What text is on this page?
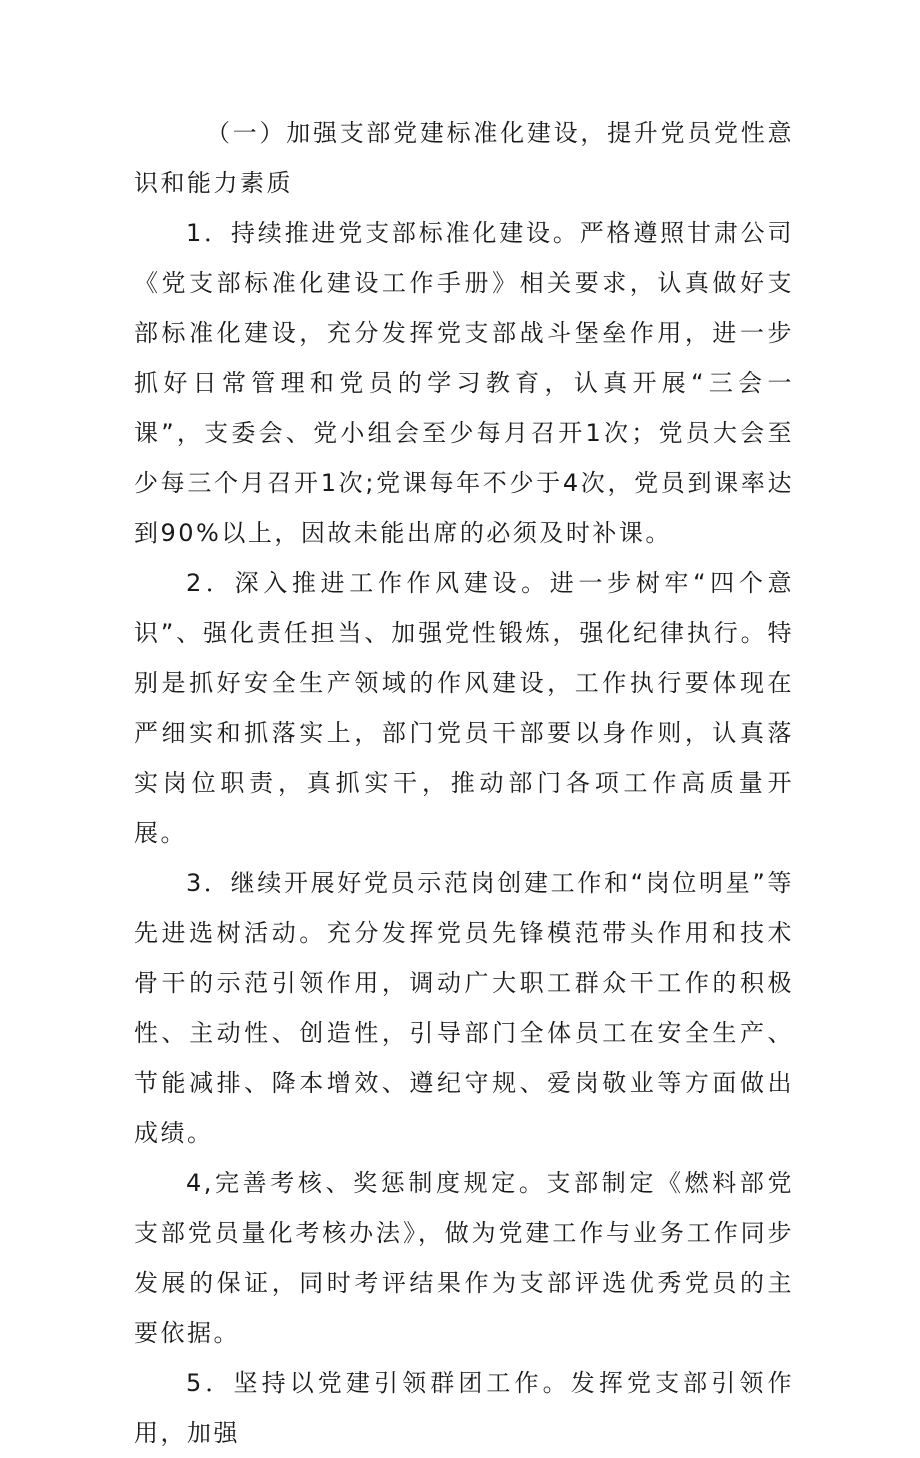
（一）加强支部党建标准化建设，提升党员党性意识和能力素质

1．持续推进党支部标准化建设。严格遵照甘肃公司《党支部标准化建设工作手册》相关要求，认真做好支部标准化建设，充分发挥党支部战斗堡垒作用，进一步抓好日常管理和党员的学习教育，认真开展“三会一课”，支委会、党小组会至少每月召开1次；党员大会至少每三个月召开1次;党课每年不少于4次，党员到课率达到90%以上，因故未能出席的必须及时补课。

2．深入推进工作作风建设。进一步树牢“四个意识”、强化责任担当、加强党性锻炼，强化纪律执行。特别是抓好安全生产领域的作风建设，工作执行要体现在严细实和抓落实上，部门党员干部要以身作则，认真落实岗位职责，真抓实干，推动部门各项工作高质量开展。

3．继续开展好党员示范岗创建工作和“岗位明星”等先进选树活动。充分发挥党员先锋模范带头作用和技术骨干的示范引领作用，调动广大职工群众干工作的积极性、主动性、创造性，引导部门全体员工在安全生产、节能减排、降本增效、遵纪守规、爱岗敬业等方面做出成绩。

4,完善考核、奖惩制度规定。支部制定《燃料部党支部党员量化考核办法》，做为党建工作与业务工作同步发展的保证，同时考评结果作为支部评选优秀党员的主要依据。

5．坚持以党建引领群团工作。发挥党支部引领作用，加强
